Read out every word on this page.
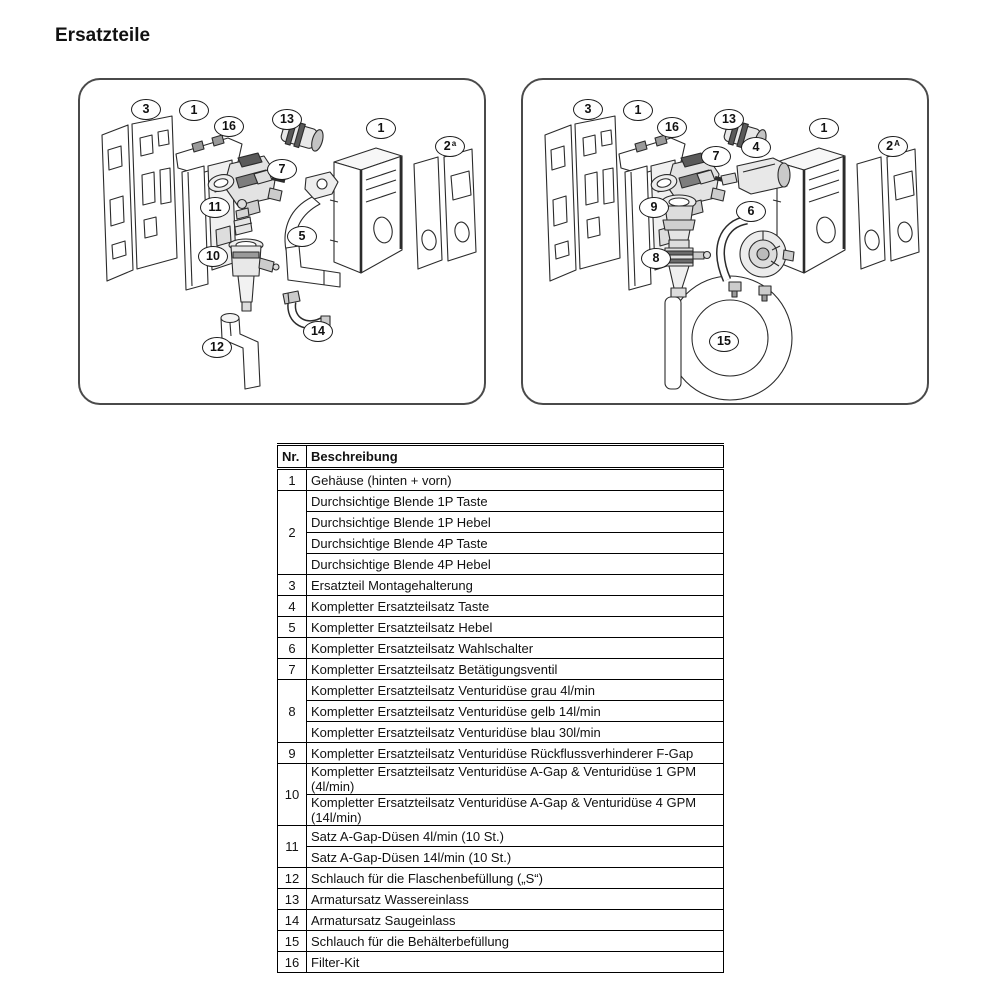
Ersatzteile
3	1
16	13
7
11
5
10
12
14
1
2 a
3	1
16
13
7
4
1
2 A
9	6
8
15
Nr.	Beschreibung
1	Gehäuse (hinten + vorn)
2	Durchsichtige Blende 1P Taste
	Durchsichtige Blende 1P Hebel
	Durchsichtige Blende 4P Taste
	Durchsichtige Blende 4P Hebel
3	Ersatzteil Montagehalterung
4	Kompletter Ersatzteilsatz Taste
5	Kompletter Ersatzteilsatz Hebel
6	Kompletter Ersatzteilsatz Wahlschalter
7	Kompletter Ersatzteilsatz Betätigungsventil
8	Kompletter Ersatzteilsatz Venturidüse grau 4l/min
	Kompletter Ersatzteilsatz Venturidüse gelb 14l/min
	Kompletter Ersatzteilsatz Venturidüse blau 30l/min
9	Kompletter Ersatzteilsatz Venturidüse Rückflussverhinderer F-Gap
10	Kompletter Ersatzteilsatz Venturidüse A-Gap & Venturidüse 1 GPM (4l/min)
	Kompletter Ersatzteilsatz Venturidüse A-Gap & Venturidüse 4 GPM (14l/min)
11	Satz A-Gap-Düsen 4l/min (10 St.)
	Satz A-Gap-Düsen 14l/min (10 St.)
12	Schlauch für die Flaschenbefüllung („S“)
13	Armatursatz Wassereinlass
14	Armatursatz Saugeinlass
15	Schlauch für die Behälterbefüllung
16	Filter-Kit
